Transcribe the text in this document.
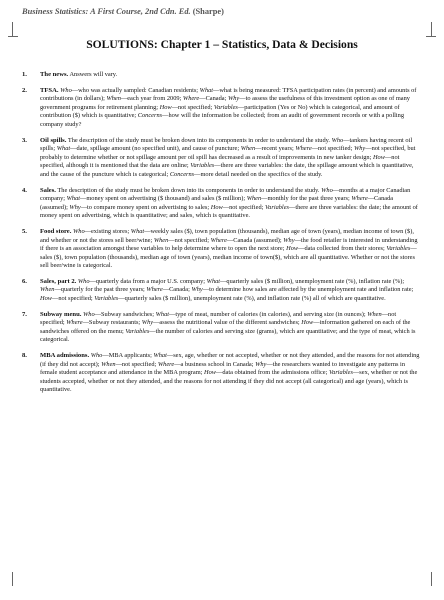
Business Statistics: A First Course, 2nd Cdn. Ed. (Sharpe)
SOLUTIONS: Chapter 1 – Statistics, Data & Decisions
1. The news. Answers will vary.
2. TFSA. Who—who was actually sampled: Canadian residents; What—what is being measured: TFSA participation rates (in percent) and amounts of contributions (in dollars); When—each year from 2009; Where—Canada; Why—to assess the usefulness of this investment option as one of many government programs for retirement planning; How—not specified; Variables—participation (Yes or No) which is categorical, and amount of contribution ($) which is quantitative; Concerns—how will the information be collected; from an audit of government records or with a polling company study?
3. Oil spills. The description of the study must be broken down into its components in order to understand the study. Who—tankers having recent oil spills; What—date, spillage amount (no specified unit), and cause of puncture; When—recent years; Where—not specified; Why—not specified, but probably to determine whether or not spillage amount per oil spill has decreased as a result of improvements in new tanker design; How—not specified, although it is mentioned that the data are online; Variables—there are three variables: the date, the spillage amount which is quantitative, and the cause of the puncture which is categorical; Concerns—more detail needed on the specifics of the study.
4. Sales. The description of the study must be broken down into its components in order to understand the study. Who—months at a major Canadian company; What—money spent on advertising ($ thousand) and sales ($ million); When—monthly for the past three years; Where—Canada (assumed); Why—to compare money spent on advertising to sales; How—not specified; Variables—there are three variables: the date; the amount of money spent on advertising, which is quantitative; and sales, which is quantitative.
5. Food store. Who—existing stores; What—weekly sales ($), town population (thousands), median age of town (years), median income of town ($), and whether or not the stores sell beer/wine; When—not specified; Where—Canada (assumed); Why—the food retailer is interested in understanding if there is an association amongst these variables to help determine where to open the next store; How—data collected from their stores; Variables—sales ($), town population (thousands), median age of town (years), median income of town($), which are all quantitative. Whether or not the stores sell beer/wine is categorical.
6. Sales, part 2. Who—quarterly data from a major U.S. company; What—quarterly sales ($ million), unemployment rate (%), inflation rate (%); When—quarterly for the past three years; Where—Canada; Why—to determine how sales are affected by the unemployment rate and inflation rate; How—not specified; Variables—quarterly sales ($ million), unemployment rate (%), and inflation rate (%) all of which are quantitative.
7. Subway menu. Who—Subway sandwiches; What—type of meat, number of calories (in calories), and serving size (in ounces); When—not specified; Where—Subway restaurants; Why—assess the nutritional value of the different sandwiches; How—information gathered on each of the sandwiches offered on the menu; Variables—the number of calories and serving size (grams), which are quantitative; and the type of meat, which is categorical.
8. MBA admissions. Who—MBA applicants; What—sex, age, whether or not accepted, whether or not they attended, and the reasons for not attending (if they did not accept); When—not specified; Where—a business school in Canada; Why—the researchers wanted to investigate any patterns in female student acceptance and attendance in the MBA program; How—data obtained from the admissions office; Variables—sex, whether or not the students accepted, whether or not they attended, and the reasons for not attending if they did not accept (all categorical) and age (years), which is quantitative.
